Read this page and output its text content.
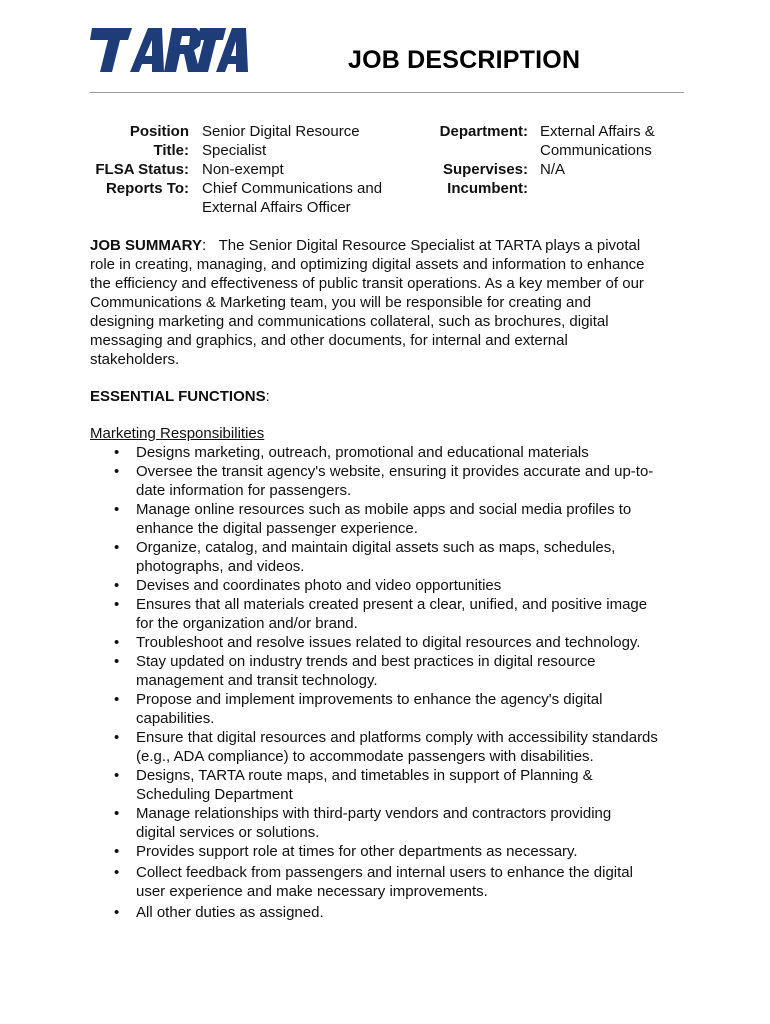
JOB DESCRIPTION
Position
Title:
Senior Digital Resource
Specialist
FLSA Status: Non-exempt
Reports To: Chief Communications and
External Affairs Officer
Department: External Affairs &
Communications
Supervises: N/A
Incumbent:
JOB SUMMARY: The Senior Digital Resource Specialist at TARTA plays a pivotal
role in creating, managing, and optimizing digital assets and information to enhance
the efficiency and effectiveness of public transit operations. As a key member of our
Communications & Marketing team, you will be responsible for creating and
designing marketing and communications collateral, such as brochures, digital
messaging and graphics, and other documents, for internal and external
stakeholders.
ESSENTIAL FUNCTIONS:
Marketing Responsibilities
• Designs marketing, outreach, promotional and educational materials
• Oversee the transit agency's website, ensuring it provides accurate and up-to-
date information for passengers.
• Manage online resources such as mobile apps and social media profiles to
enhance the digital passenger experience.
• Organize, catalog, and maintain digital assets such as maps, schedules,
photographs, and videos.
• Devises and coordinates photo and video opportunities
• Ensures that all materials created present a clear, unified, and positive image
for the organization and/or brand.
• Troubleshoot and resolve issues related to digital resources and technology.
• Stay updated on industry trends and best practices in digital resource
management and transit technology.
• Propose and implement improvements to enhance the agency's digital
capabilities.
• Ensure that digital resources and platforms comply with accessibility standards
(e.g., ADA compliance) to accommodate passengers with disabilities.
• Designs, TARTA route maps, and timetables in support of Planning &
Scheduling Department
• Manage relationships with third-party vendors and contractors providing
digital services or solutions.
• Provides support role at times for other departments as necessary.
• Collect feedback from passengers and internal users to enhance the digital
user experience and make necessary improvements.
• All other duties as assigned.
